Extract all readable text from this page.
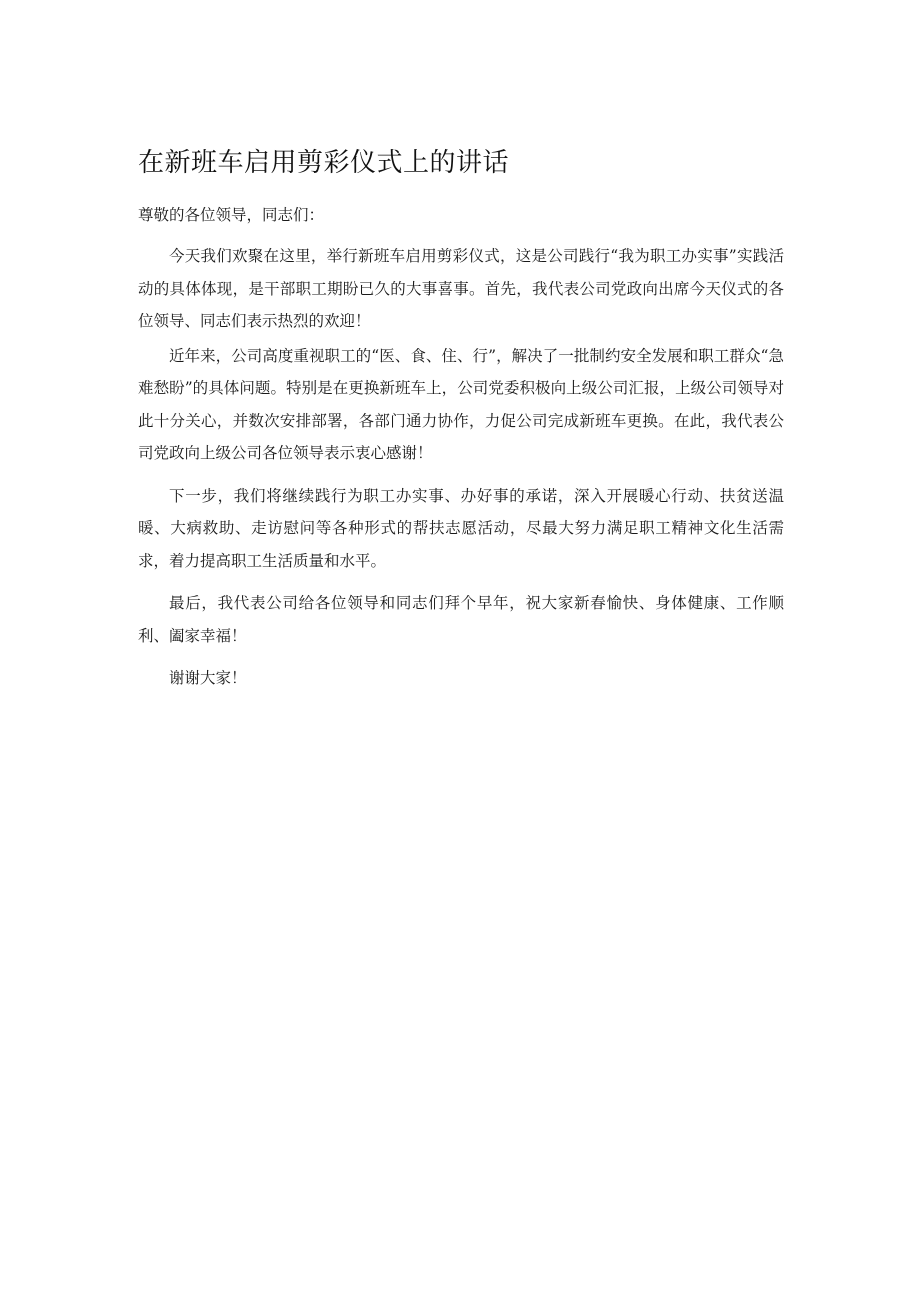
在新班车启用剪彩仪式上的讲话

尊敬的各位领导，同志们：

今天我们欢聚在这里，举行新班车启用剪彩仪式，这是公司践行“我为职工办实事”实践活动的具体体现，是干部职工期盼已久的大事喜事。首先，我代表公司党政向出席今天仪式的各位领导、同志们表示热烈的欢迎！

近年来，公司高度重视职工的“医、食、住、行”，解决了一批制约安全发展和职工群众“急难愁盼”的具体问题。特别是在更换新班车上，公司党委积极向上级公司汇报，上级公司领导对此十分关心，并数次安排部署，各部门通力协作，力促公司完成新班车更换。在此，我代表公司党政向上级公司各位领导表示衷心感谢！

下一步，我们将继续践行为职工办实事、办好事的承诺，深入开展暖心行动、扶贫送温暖、大病救助、走访慰问等各种形式的帮扶志愿活动，尽最大努力满足职工精神文化生活需求，着力提高职工生活质量和水平。

最后，我代表公司给各位领导和同志们拜个早年，祝大家新春愉快、身体健康、工作顺利、阖家幸福！

谢谢大家！
